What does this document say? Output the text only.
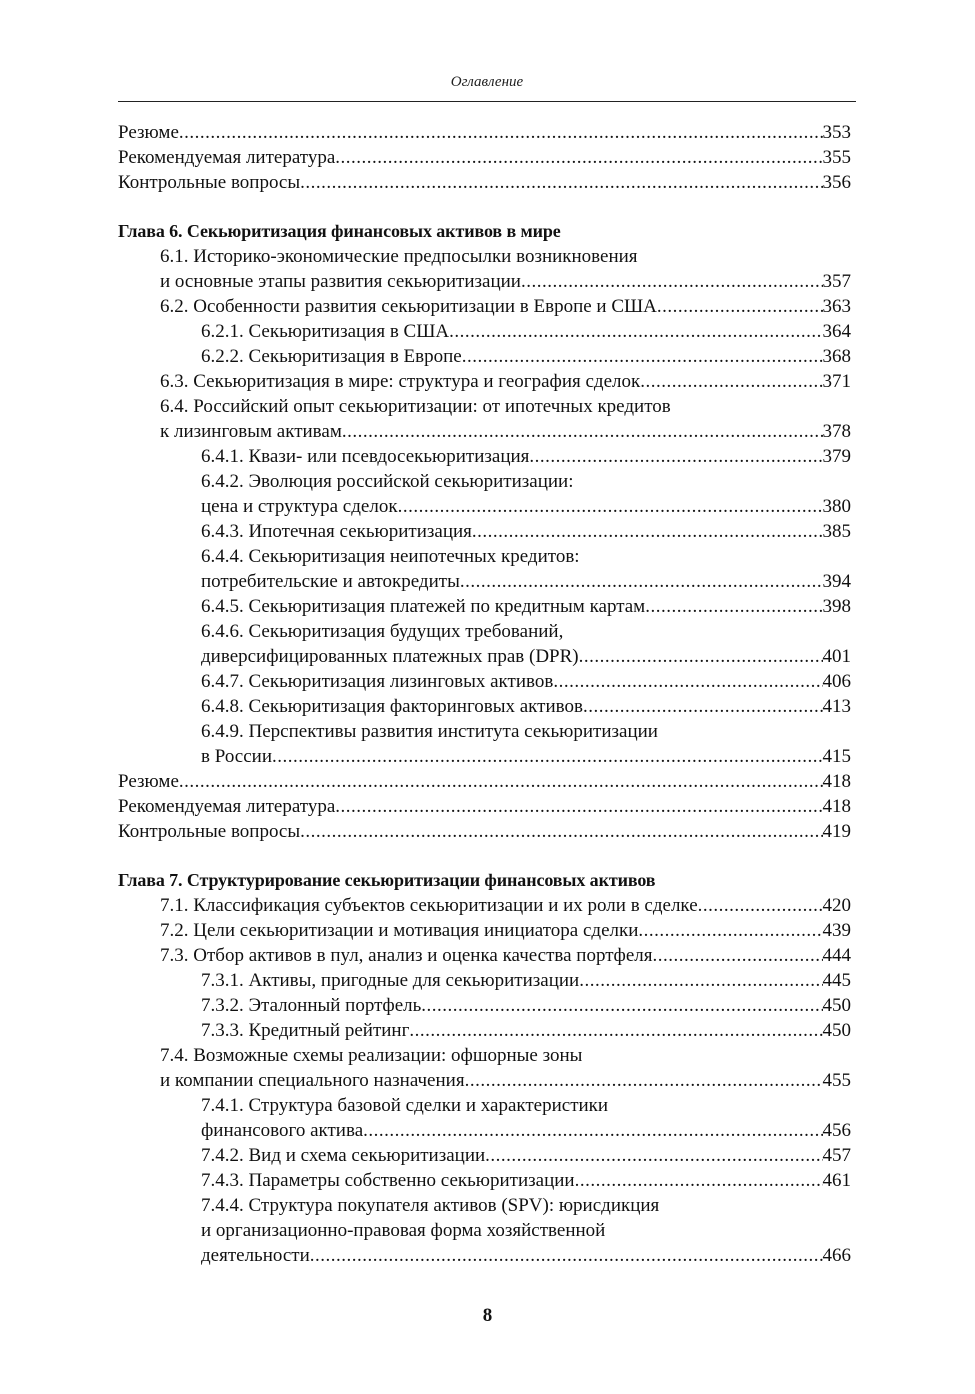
Оглавление
Резюме .....	353
Рекомендуемая литература .....	355
Контрольные вопросы .....	356
Глава 6. Секьюритизация финансовых активов в мире
6.1. Историко-экономические предпосылки возникновения
и основные этапы развития секьюритизации .....	357
6.2. Особенности развития секьюритизации в Европе и США .....	363
6.2.1. Секьюритизация в США .....	364
6.2.2. Секьюритизация в Европе .....	368
6.3. Секьюритизация в мире: структура и география сделок .....	371
6.4. Российский опыт секьюритизации: от ипотечных кредитов
к лизинговым активам .....	378
6.4.1. Квази- или псевдосекьюритизация .....	379
6.4.2. Эволюция российской секьюритизации:
цена и структура сделок .....	380
6.4.3. Ипотечная секьюритизация .....	385
6.4.4. Секьюритизация неипотечных кредитов:
потребительские и автокредиты .....	394
6.4.5. Секьюритизация платежей по кредитным картам .....	398
6.4.6. Секьюритизация будущих требований,
диверсифицированных платежных прав (DPR) .....	401
6.4.7. Секьюритизация лизинговых активов .....	406
6.4.8. Секьюритизация факторинговых активов .....	413
6.4.9. Перспективы развития института секьюритизации
в России .....	415
Резюме .....	418
Рекомендуемая литература .....	418
Контрольные вопросы .....	419
Глава 7. Структурирование секьюритизации финансовых активов
7.1. Классификация субъектов секьюритизации и их роли в сделке .....	420
7.2. Цели секьюритизации и мотивация инициатора сделки .....	439
7.3. Отбор активов в пул, анализ и оценка качества портфеля .....	444
7.3.1. Активы, пригодные для секьюритизации .....	445
7.3.2. Эталонный портфель .....	450
7.3.3. Кредитный рейтинг .....	450
7.4. Возможные схемы реализации: офшорные зоны
и компании специального назначения .....	455
7.4.1. Структура базовой сделки и характеристики
финансового актива .....	456
7.4.2. Вид и схема секьюритизации .....	457
7.4.3. Параметры собственно секьюритизации .....	461
7.4.4. Структура покупателя активов (SPV): юрисдикция
и организационно-правовая форма хозяйственной
деятельности .....	466
8
